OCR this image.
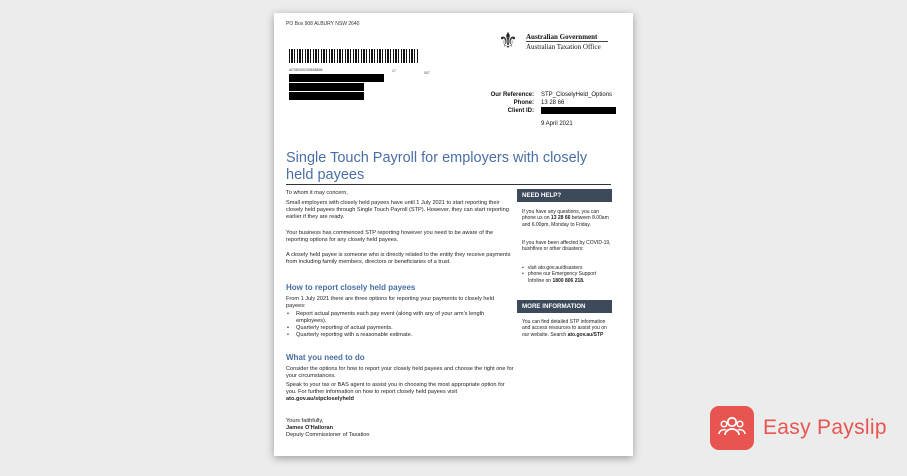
PO Box 908 ALBURY NSW 2640
A0780000200658848	17	007
⚜	Australian Government
Australian Taxation Office
Our Reference: STP_CloselyHeld_Options
Phone: 13 28 66
Client ID:
9 April 2021
Single Touch Payroll for employers with closely held payees
To whom it may concern,
Small employers with closely held payees have until 1 July 2021 to start reporting their closely held payees through Single Touch Payroll (STP). However, they can start reporting earlier if they are ready.
Your business has commenced STP reporting however you need to be aware of the reporting options for any closely held payees.
A closely held payee is someone who is directly related to the entity they receive payments from including family members, directors or beneficiaries of a trust.
How to report closely held payees
From 1 July 2021 there are three options for reporting your payments to closely held payees:
• Report actual payments each pay event (along with any of your arm's length employees).
• Quarterly reporting of actual payments.
• Quarterly reporting with a reasonable estimate.
What you need to do
Consider the options for how to report your closely held payees and choose the right one for your circumstances.
Speak to your tax or BAS agent to assist you in choosing the most appropriate option for you. For further information on how to report closely held payees visit ato.gov.au/stpcloselyheld
Yours faithfully,
James O'Halloran
Deputy Commissioner of Taxation
NEED HELP?
If you have any questions, you can phone us on 13 28 66 between 8.00am and 6.00pm, Monday to Friday.
If you have been affected by COVID-19, bushfires or other disasters:
• visit ato.gov.au/disasters
• phone our Emergency Support Infoline on 1800 806 218.
MORE INFORMATION
You can find detailed STP information and access resources to assist you on our website. Search ato.gov.au/STP
Easy Payslip
